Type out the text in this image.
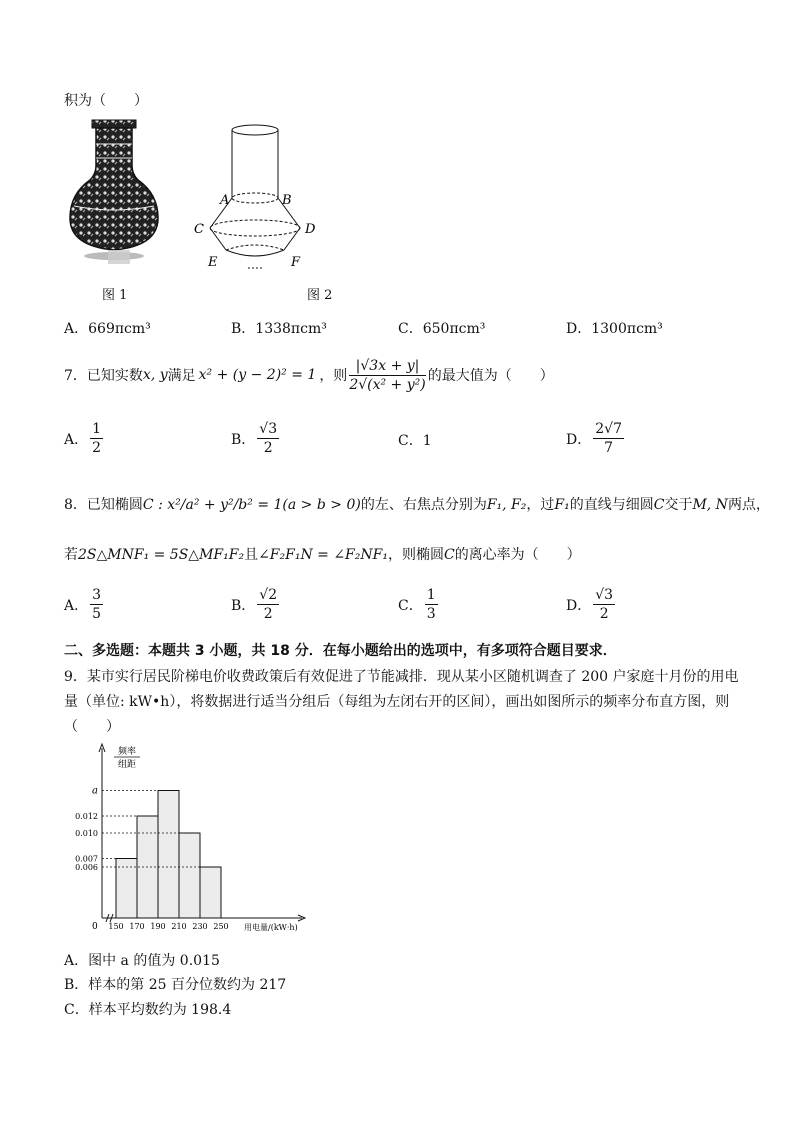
积为（　　）
图 1
A	B
C	D
E	F
图 2
A．669πcm³	B．1338πcm³	C．650πcm³	D．1300πcm³
7． 已知实数 x, y 满足 x² + (y − 2)² = 1 ，则 $\frac{|√3x + y|}{\text{2√(x² + y²)}}$ 的最大值为（　　）
A． $\frac{1}{2}$	B． $\frac{√3}{2}$	C．1	D． $\frac{2√7}{7}$
8．已知椭圆C : x²/a² + y²/b² = 1(a > b > 0)的左、右焦点分别为F₁, F₂，过F₁的直线与细圆C交于M, N两点，
若2S△MNF₁ = 5S△MF₁F₂且∠F₂F₁N = ∠F₂NF₁，则椭圆C的离心率为（　　）
A． $\frac{3}{5}$	B． $\frac{√2}{2}$	C． $\frac{1}{3}$	D． $\frac{√3}{2}$
二、多选题：本题共 3 小题，共 18 分．在每小题给出的选项中，有多项符合题目要求．
9．某市实行居民阶梯电价收费政策后有效促进了节能减排．现从某小区随机调查了 200 户家庭十月份的用电
量（单位: kW•h），将数据进行适当分组后（每组为左闭右开的区间），画出如图所示的频率分布直方图，则
（　　）
a
0.012
0.010
0.007
0.006
150 170 190 210 230 250
0	用电量/(kW·h)
频率
组距
A．图中 a 的值为 0.015
B．样本的第 25 百分位数约为 217
C．样本平均数约为 198.4
